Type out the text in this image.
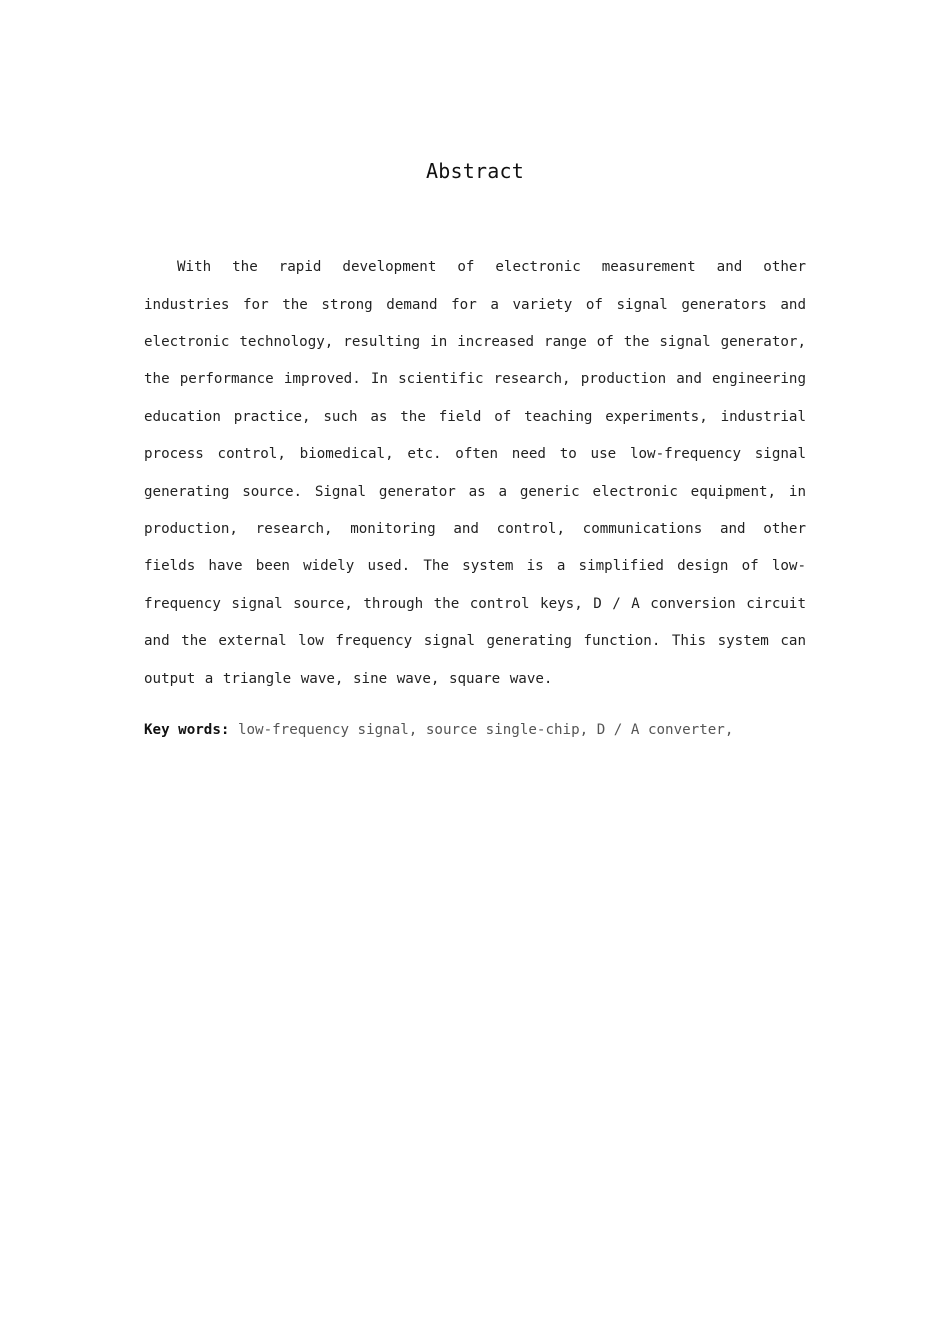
Abstract

With the rapid development of electronic measurement and other industries for the strong demand for a variety of signal generators and electronic technology, resulting in increased range of the signal generator, the performance improved. In scientific research, production and engineering education practice, such as the field of teaching experiments, industrial process control, biomedical, etc. often need to use low-frequency signal generating source. Signal generator as a generic electronic equipment, in production, research, monitoring and control, communications and other fields have been widely used. The system is a simplified design of low-frequency signal source, through the control keys, D / A conversion circuit and the external low frequency signal generating function. This system can output a triangle wave, sine wave, square wave.

Key words: low-frequency signal, source single-chip, D / A converter,
